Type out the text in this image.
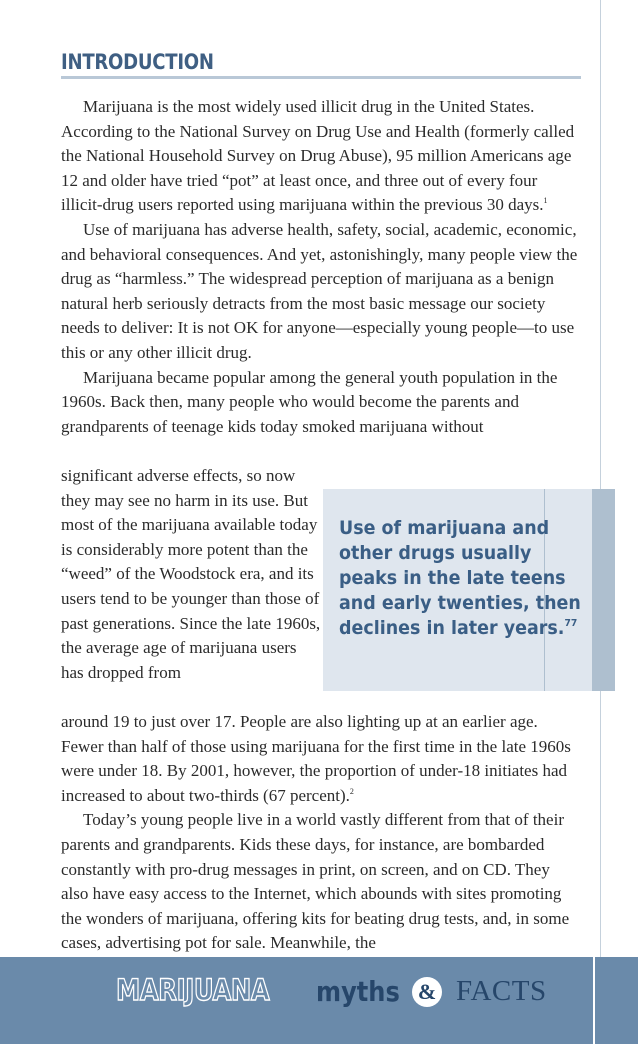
INTRODUCTION

Marijuana is the most widely used illicit drug in the United States. According to the National Survey on Drug Use and Health (formerly called the National Household Survey on Drug Abuse), 95 million Americans age 12 and older have tried “pot” at least once, and three out of every four illicit-drug users reported using marijuana within the previous 30 days.$^1$

Use of marijuana has adverse health, safety, social, academic, economic, and behavioral consequences. And yet, astonishingly, many people view the drug as “harmless.” The widespread perception of marijuana as a benign natural herb seriously detracts from the most basic message our society needs to deliver: It is not OK for anyone—especially young people—to use this or any other illicit drug.

Marijuana became popular among the general youth population in the 1960s. Back then, many people who would become the parents and grandparents of teenage kids today smoked marijuana without

significant adverse effects, so now they may see no harm in its use. But most of the marijuana available today is considerably more potent than the “weed” of the Woodstock era, and its users tend to be younger than those of past generations. Since the late 1960s, the average age of marijuana users has dropped from

Use of marijuana and
other drugs usually
peaks in the late teens
and early twenties, then
declines in later years.$^{77}$

around 19 to just over 17. People are also lighting up at an earlier age. Fewer than half of those using marijuana for the first time in the late 1960s were under 18. By 2001, however, the proportion of under-18 initiates had increased to about two-thirds (67 percent).$^2$

Today’s young people live in a world vastly different from that of their parents and grandparents. Kids these days, for instance, are bombarded constantly with pro-drug messages in print, on screen, and on CD. They also have easy access to the Internet, which abounds with sites promoting the wonders of marijuana, offering kits for beating drug tests, and, in some cases, advertising pot for sale. Meanwhile, the

MARIJUANA myths & FACTS	1
